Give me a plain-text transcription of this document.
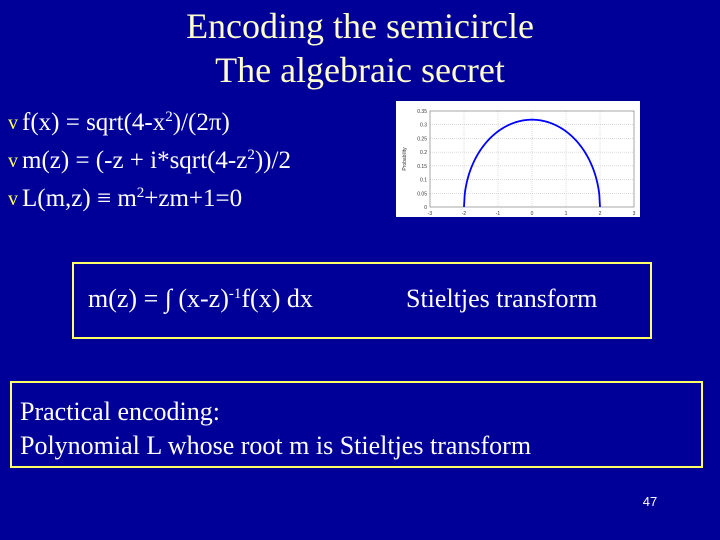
Encoding the semicircle
The algebraic secret
v $f(x) = sqrt(4-x^2)/(2\pi)$
v $m(z) = (-z + i*sqrt(4-z^2))/2$
v $L(m,z) \equiv m^2+zm+1=0$
-3	-2	-1	0	1	2	3
0.35
0.3
0.25
0.2
0.15
0.1
0.05
0
Probability
m(z) = ∫ $(x-z)^{-1}f(x)$ dx	Stieltjes transform
Practical encoding:
Polynomial L whose root m is Stieltjes transform
47
